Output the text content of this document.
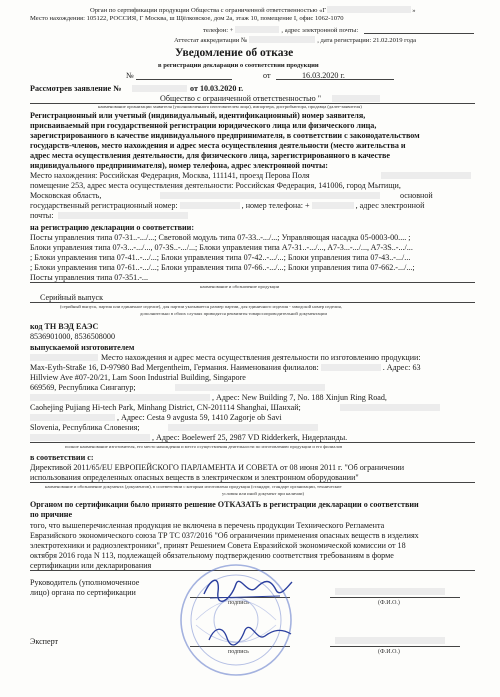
Орган по сертификации продукции Общества с ограниченной ответственностью «Г	»
Место нахождения: 105122, РОССИЯ, Г Москва, ш Щёлковское, дом 2а, этаж 10, помещение I, офис 1062-1070
телефон: +	, адрес электронной почты:
Аттестат аккредитации №	, дата регистрации: 21.02.2019 года
Уведомление об отказе
в регистрации декларации о соответствии продукции
№	от	16.03.2020 г.
Рассмотрев заявление №	от 10.03.2020 г.
Общество с ограниченной ответственностью "
наименование организации заявителя (уполномоченного изготовителем лица), импортера, дистрибьютора, продавца (далее-заявителя)
Регистрационный или учетный (индивидуальный, идентификационный) номер заявителя,
присваиваемый при государственной регистрации юридического лица или физического лица,
зарегистрированного в качестве индивидуального предпринимателя, в соответствии с законодательством
государств-членов, место нахождения и адрес места осуществления деятельности (место жительства и
адрес места осуществления деятельности, для физического лица, зарегистрированного в качестве
индивидуального предпринимателя), номер телефона, адрес электронной почты:
Место нахождения: Российская Федерация, Москва, 111141, проезд Перова Поля
помещение 253, адрес места осуществления деятельности: Российская Федерация, 141006, город Мытищи,
Московская область,	основной
государственный регистрационный номер:	, номер телефона: +	, адрес электронной
почты:
на регистрацию декларации о соответствии:
Посты управления типа 07-31..-.../...; Световой модуль типа 07-33..-.../...; Управляющая насадка 05-0003-00.... ;
Блоки управления типа 07-3...-.../..., 07-3S..-.../...; Блоки управления типа A7-31..-.../..., A7-3...-.../..., A7-3S..-.../...
; Блоки управления типа 07-41..-.../...; Блоки управления типа 07-42..-.../...; Блоки управления типа 07-43..-.../...
; Блоки управления типа 07-61..-.../...; Блоки управления типа 07-66..-.../...; Блоки управления типа 07-662.-.../...;
Посты управления типа 07-351.-...
наименование и обозначение продукции
Серийный выпуск
(серийный выпуск, партия или единичное изделие), для партии указывается размер партии, для единичного изделия - заводской номер изделия,
дополнительно в обоих случаях приводятся реквизиты товаросопроводительной документации
код ТН ВЭД ЕАЭС
8536901000, 8536508000
выпускаемой изготовителем
Место нахождения и адрес места осуществления деятельности по изготовлению продукции:
Max-Eyth-Straße 16, D-97980 Bad Mergentheim, Германия. Наименования филиалов:	. Адрес: 63
Hillview Ave #07-20/21, Lam Soon Industrial Building, Singapore
669569, Республика Сингапур;
, Адрес: New Building 7, No. 188 Xinjun Ring Road,
Caohejing Pujiang Hi-tech Park, Minhang District, CN-201114 Shanghai, Шанхай;
, Адрес: Cesta 9 avgusta 59, 1410 Zagorje ob Savi
Slovenia, Республика Словения;
, Адрес: Boelewerf 25, 2987 VD Ridderkerk, Нидерланды.
полное наименование изготовителя, его место нахождения и место осуществления деятельности по изготовлению продукции и его филиалов
в соответствии с:
Директивой 2011/65/EU ЕВРОПЕЙСКОГО ПАРЛАМЕНТА И СОВЕТА от 08 июня 2011 г. "Об ограничении
использования определенных опасных веществ в электрическом и электронном оборудовании"
наименование и обозначение документа (документов), в соответствии с которым изготовлена продукция (стандарт, стандарт организации, технические
условия или иной документ при наличии)
Органом по сертификации было принято решение ОТКАЗАТЬ в регистрации декларации о соответствии
по причине
того, что вышеперечисленная продукция не включена в перечень продукции Технического Регламента
Евразийского экономического союза ТР ТС 037/2016 "Об ограничении применения опасных веществ в изделиях
электротехники и радиоэлектроники", принят Решением Совета Евразийской экономической комиссии от 18
октября 2016 года N 113, подлежащей обязательному подтверждению соответствия требованиям в форме
сертификации или декларирования
Руководитель (уполномоченное
лицо) органа по сертификации
подпись	(Ф.И.О.)
Эксперт
подпись	(Ф.И.О.)
